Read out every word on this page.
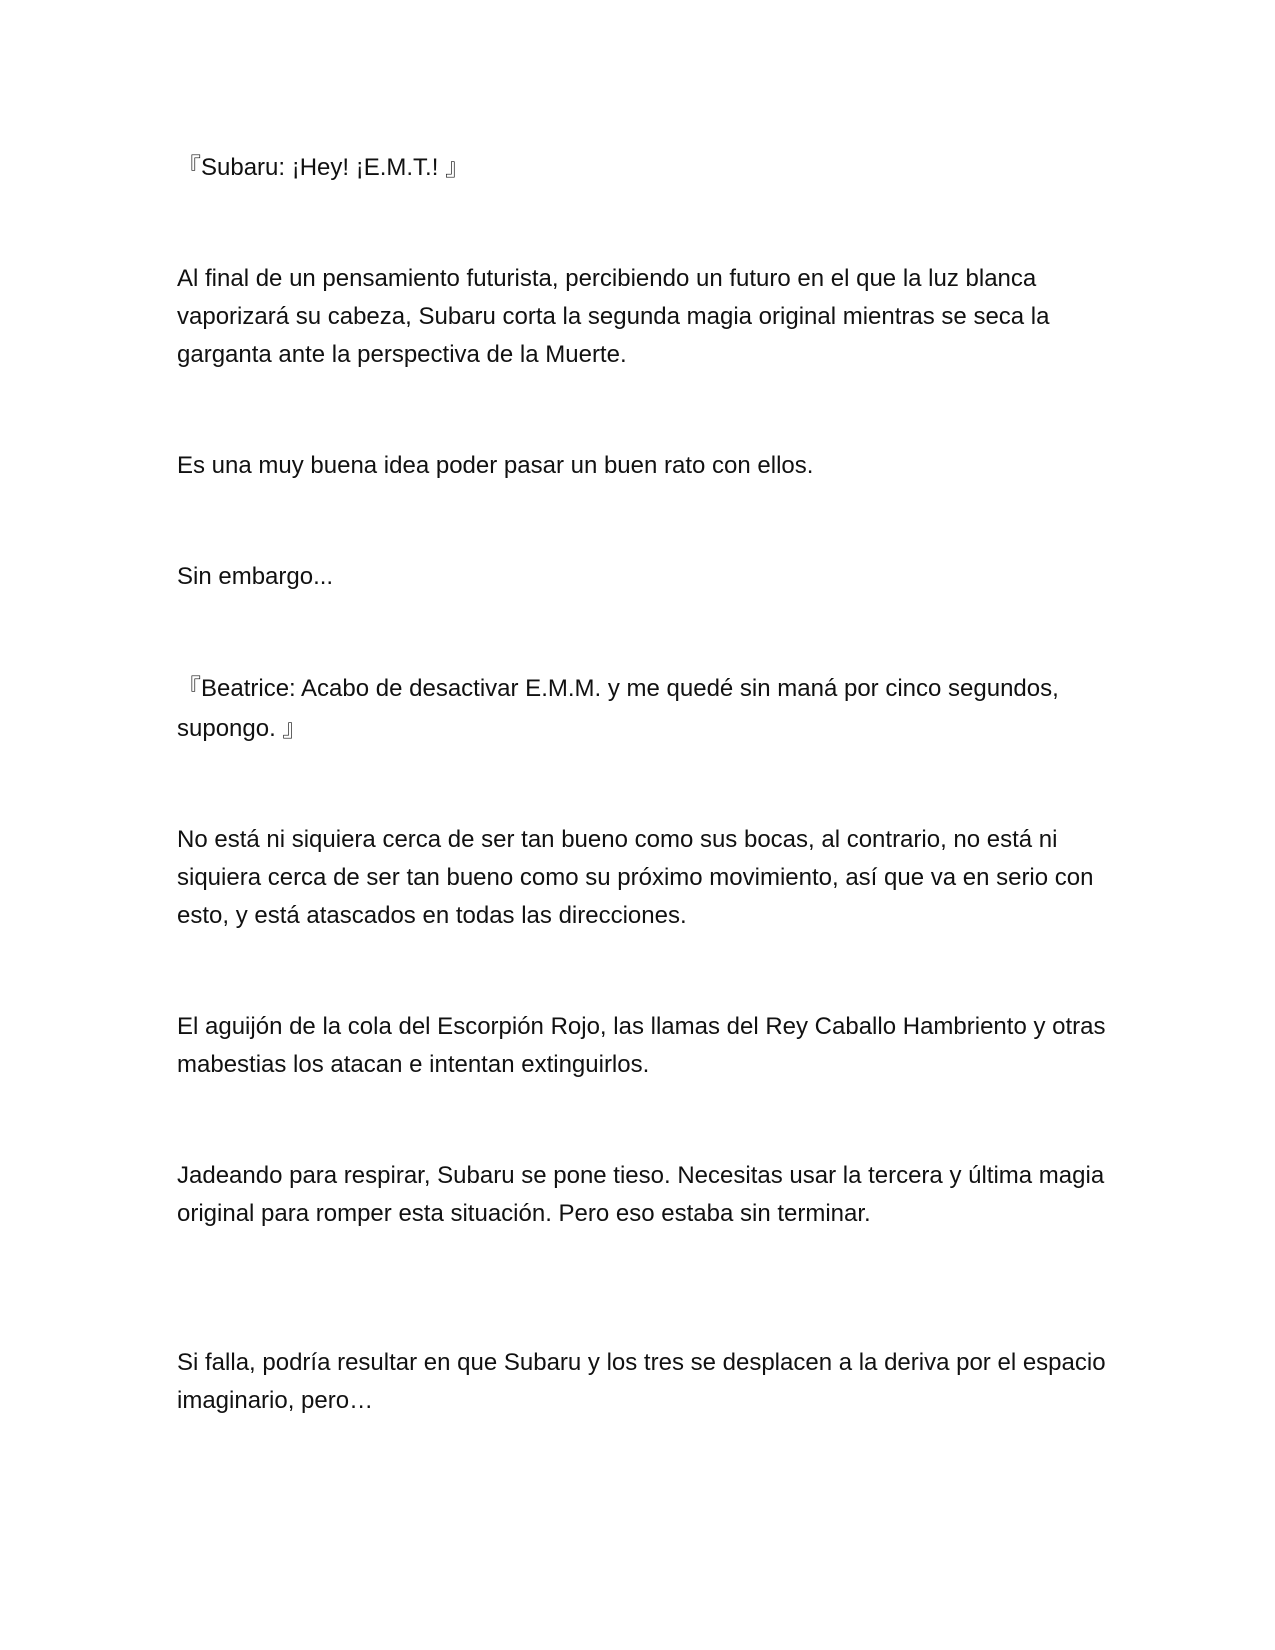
『Subaru: ¡Hey! ¡E.M.T.! 』

Al final de un pensamiento futurista, percibiendo un futuro en el que la luz blanca vaporizará su cabeza, Subaru corta la segunda magia original mientras se seca la garganta ante la perspectiva de la Muerte.

Es una muy buena idea poder pasar un buen rato con ellos.

Sin embargo...

『Beatrice: Acabo de desactivar E.M.M. y me quedé sin maná por cinco segundos, supongo. 』

No está ni siquiera cerca de ser tan bueno como sus bocas, al contrario, no está ni siquiera cerca de ser tan bueno como su próximo movimiento, así que va en serio con esto, y está atascados en todas las direcciones.

El aguijón de la cola del Escorpión Rojo, las llamas del Rey Caballo Hambriento y otras mabestias los atacan e intentan extinguirlos.

Jadeando para respirar, Subaru se pone tieso. Necesitas usar la tercera y última magia original para romper esta situación. Pero eso estaba sin terminar.

Si falla, podría resultar en que Subaru y los tres se desplacen a la deriva por el espacio imaginario, pero…
